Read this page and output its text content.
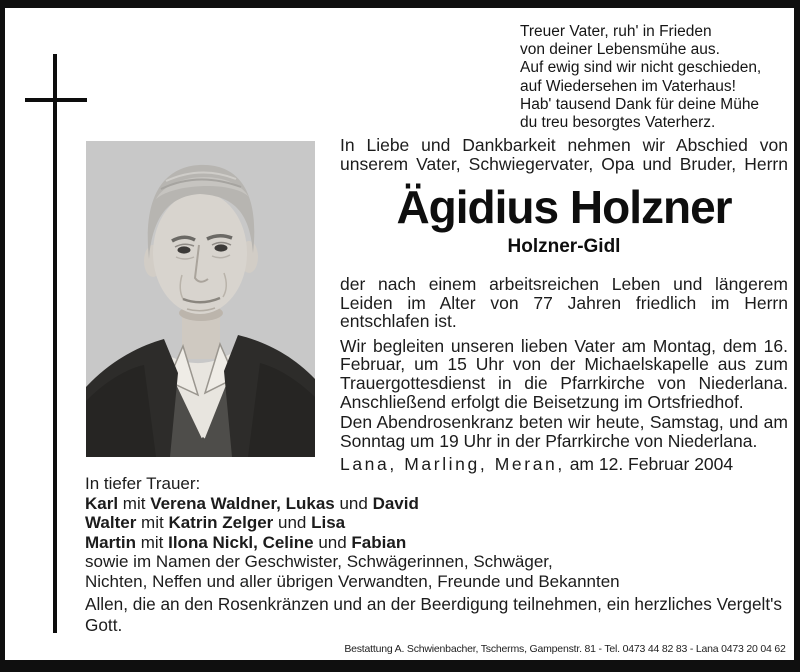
Treuer Vater, ruh' in Frieden
von deiner Lebensmühe aus.
Auf ewig sind wir nicht geschieden,
auf Wiedersehen im Vaterhaus!
Hab' tausend Dank für deine Mühe
du treu besorgtes Vaterherz.
In Liebe und Dankbarkeit nehmen wir Abschied von unserem Vater, Schwiegervater, Opa und Bruder, Herrn
Ägidius Holzner
Holzner-Gidl
der nach einem arbeitsreichen Leben und längerem Leiden im Alter von 77 Jahren friedlich im Herrn entschlafen ist.
Wir begleiten unseren lieben Vater am Montag, dem 16. Februar, um 15 Uhr von der Michaelskapelle aus zum Trauergottesdienst in die Pfarrkirche von Niederlana. Anschließend erfolgt die Beisetzung im Ortsfriedhof.
Den Abendrosenkranz beten wir heute, Samstag, und am Sonntag um 19 Uhr in der Pfarrkirche von Niederlana.
Lana, Marling, Meran, am 12. Februar 2004
In tiefer Trauer:
Karl mit Verena Waldner, Lukas und David
Walter mit Katrin Zelger und Lisa
Martin mit Ilona Nickl, Celine und Fabian
sowie im Namen der Geschwister, Schwägerinnen, Schwäger,
Nichten, Neffen und aller übrigen Verwandten, Freunde und Bekannten
Allen, die an den Rosenkränzen und an der Beerdigung teilnehmen, ein herzliches Vergelt's Gott.
Bestattung A. Schwienbacher, Tscherms, Gampenstr. 81 - Tel. 0473 44 82 83 - Lana 0473 20 04 62
